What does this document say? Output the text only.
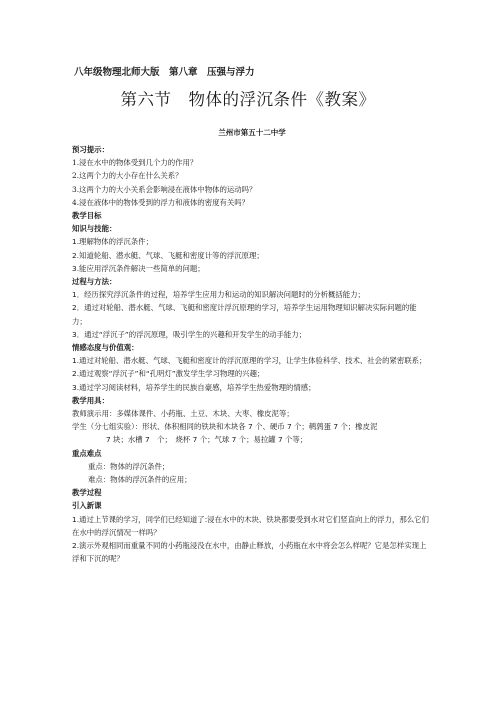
八年级物理北师大版　第八章　压强与浮力
第六节　物体的浮沉条件《教案》
兰州市第五十二中学
预习提示：
1.浸在水中的物体受到几个力的作用？
2.这两个力的大小存在什么关系？
3.这两个力的大小关系会影响浸在液体中物体的运动吗？
4.浸在液体中的物体受到的浮力和液体的密度有关吗？
教学目标
知识与技能：
1.理解物体的浮沉条件；
2.知道轮船、潜水艇、气球、飞艇和密度计等的浮沉原理；
3.能应用浮沉条件解决一些简单的问题；
过程与方法：
1．经历探究浮沉条件的过程，培养学生应用力和运动的知识解决问题时的分析概括能力；
2．通过对轮船、潜水艇、气球、飞艇和密度计浮沉原理的学习，培养学生运用物理知识解决实际问题的能力；
3．通过“浮沉子”的浮沉原理，吸引学生的兴趣和开发学生的动手能力；
情感态度与价值观：
1.通过对轮船、潜水艇、气球、飞艇和密度计的浮沉原理的学习，让学生体验科学、技术、社会的紧密联系；
2.通过观察“浮沉子”和“孔明灯”激发学生学习物理的兴趣；
3.通过学习阅读材料，培养学生的民族自豪感，培养学生热爱物理的情感；
教学用具：
教师演示用：多媒体课件、小药瓶、土豆、木块、大枣、橡皮泥等；
学生（分七组实验）：形状、体积相同的铁块和木块各 7 个、硬币 7 个；鹌鹑蛋 7 个；橡皮泥
7 块；水槽 7　个；　烧杯 7 个；气球 7 个；易拉罐 7 个等；
重点难点
重点：物体的浮沉条件；
难点：物体的浮沉条件的应用；
教学过程
引入新课
1.通过上节课的学习，同学们已经知道了:浸在水中的木块、铁块都要受到水对它们竖直向上的浮力，那么它们在水中的浮沉情况一样吗？
2.演示外观相同而重量不同的小药瓶浸没在水中，由静止释放，小药瓶在水中将会怎么样呢？它是怎样实现上浮和下沉的呢？
